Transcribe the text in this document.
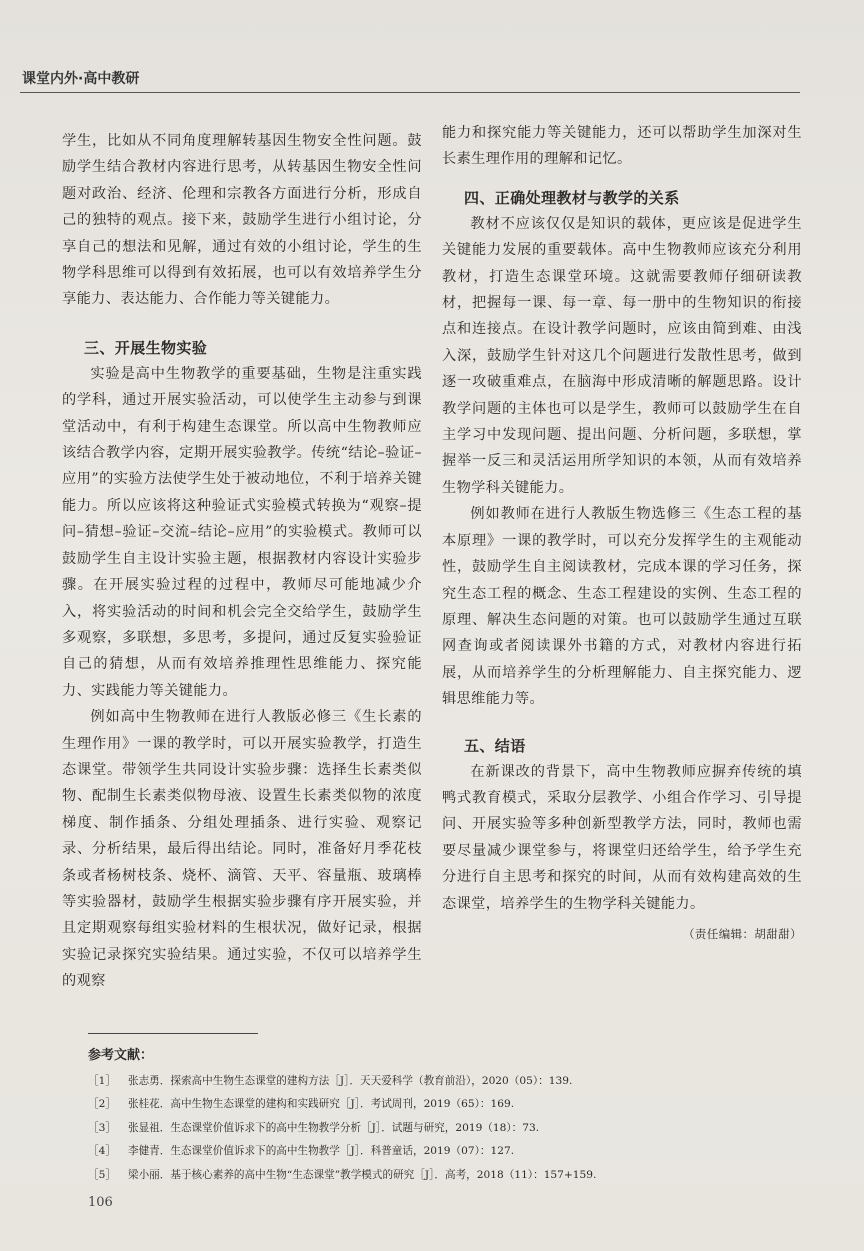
课堂内外·高中教研

学生，比如从不同角度理解转基因生物安全性问题。鼓励学生结合教材内容进行思考，从转基因生物安全性问题对政治、经济、伦理和宗教各方面进行分析，形成自己的独特的观点。接下来，鼓励学生进行小组讨论，分享自己的想法和见解，通过有效的小组讨论，学生的生物学科思维可以得到有效拓展，也可以有效培养学生分享能力、表达能力、合作能力等关键能力。

三、开展生物实验

实验是高中生物教学的重要基础，生物是注重实践的学科，通过开展实验活动，可以使学生主动参与到课堂活动中，有利于构建生态课堂。所以高中生物教师应该结合教学内容，定期开展实验教学。传统“结论–验证–应用”的实验方法使学生处于被动地位，不利于培养关键能力。所以应该将这种验证式实验模式转换为“观察–提问–猜想–验证–交流–结论–应用”的实验模式。教师可以鼓励学生自主设计实验主题，根据教材内容设计实验步骤。在开展实验过程的过程中，教师尽可能地减少介入，将实验活动的时间和机会完全交给学生，鼓励学生多观察，多联想，多思考，多提问，通过反复实验验证自己的猜想，从而有效培养推理性思维能力、探究能力、实践能力等关键能力。

例如高中生物教师在进行人教版必修三《生长素的生理作用》一课的教学时，可以开展实验教学，打造生态课堂。带领学生共同设计实验步骤：选择生长素类似物、配制生长素类似物母液、设置生长素类似物的浓度梯度、制作插条、分组处理插条、进行实验、观察记录、分析结果，最后得出结论。同时，准备好月季花枝条或者杨树枝条、烧杯、滴管、天平、容量瓶、玻璃棒等实验器材，鼓励学生根据实验步骤有序开展实验，并且定期观察每组实验材料的生根状况，做好记录，根据实验记录探究实验结果。通过实验，不仅可以培养学生的观察

能力和探究能力等关键能力，还可以帮助学生加深对生长素生理作用的理解和记忆。

四、正确处理教材与教学的关系

教材不应该仅仅是知识的载体，更应该是促进学生关键能力发展的重要载体。高中生物教师应该充分利用教材，打造生态课堂环境。这就需要教师仔细研读教材，把握每一课、每一章、每一册中的生物知识的衔接点和连接点。在设计教学问题时，应该由简到难、由浅入深，鼓励学生针对这几个问题进行发散性思考，做到逐一攻破重难点，在脑海中形成清晰的解题思路。设计教学问题的主体也可以是学生，教师可以鼓励学生在自主学习中发现问题、提出问题、分析问题，多联想，掌握举一反三和灵活运用所学知识的本领，从而有效培养生物学科关键能力。

例如教师在进行人教版生物选修三《生态工程的基本原理》一课的教学时，可以充分发挥学生的主观能动性，鼓励学生自主阅读教材，完成本课的学习任务，探究生态工程的概念、生态工程建设的实例、生态工程的原理、解决生态问题的对策。也可以鼓励学生通过互联网查询或者阅读课外书籍的方式，对教材内容进行拓展，从而培养学生的分析理解能力、自主探究能力、逻辑思维能力等。

五、结语

在新课改的背景下，高中生物教师应摒弃传统的填鸭式教育模式，采取分层教学、小组合作学习、引导提问、开展实验等多种创新型教学方法，同时，教师也需要尽量减少课堂参与，将课堂归还给学生，给予学生充分进行自主思考和探究的时间，从而有效构建高效的生态课堂，培养学生的生物学科关键能力。

（责任编辑：胡甜甜）
参考文献：
［1］ 张志勇．探索高中生物生态课堂的建构方法［J］．天天爱科学（教育前沿），2020（05）：139.
［2］ 张桂花．高中生物生态课堂的建构和实践研究［J］．考试周刊，2019（65）：169.
［3］ 张显祖．生态课堂价值诉求下的高中生物教学分析［J］．试题与研究，2019（18）：73.
［4］ 李健青．生态课堂价值诉求下的高中生物教学［J］．科普童话，2019（07）：127.
［5］ 梁小丽．基于核心素养的高中生物“生态课堂”教学模式的研究［J］．高考，2018（11）：157+159.
106
